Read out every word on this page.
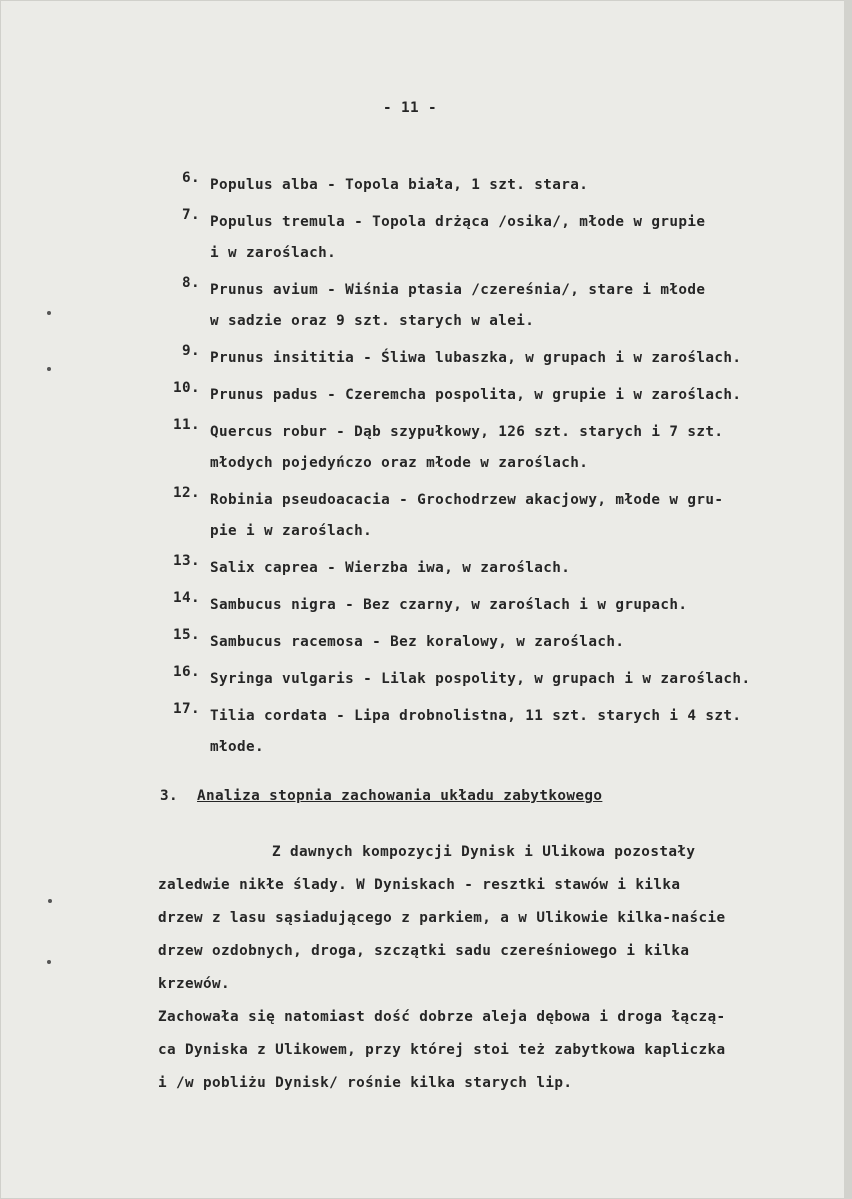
- 11 -
6. Populus alba - Topola biała, 1 szt. stara.
7. Populus tremula - Topola drżąca /osika/, młode w grupie
i w zaroślach.
8. Prunus avium - Wiśnia ptasia /czereśnia/, stare i młode
w sadzie oraz 9 szt. starych w alei.
9. Prunus insititia - Śliwa lubaszka, w grupach i w zaroślach.
10. Prunus padus - Czeremcha pospolita, w grupie i w zaroślach.
11. Quercus robur - Dąb szypułkowy, 126 szt. starych i 7 szt.
młodych pojedyńczo oraz młode w zaroślach.
12. Robinia pseudoacacia - Grochodrzew akacjowy, młode w gru-
pie i w zaroślach.
13. Salix caprea - Wierzba iwa, w zaroślach.
14. Sambucus nigra - Bez czarny, w zaroślach i w grupach.
15. Sambucus racemosa - Bez koralowy, w zaroślach.
16. Syringa vulgaris - Lilak pospolity, w grupach i w zaroślach.
17. Tilia cordata - Lipa drobnolistna, 11 szt. starych i 4 szt.
młode.
3. Analiza stopnia zachowania układu zabytkowego
Z dawnych kompozycji Dynisk i Ulikowa pozostały
zaledwie nikłe ślady. W Dyniskach - resztki stawów i kilka
drzew z lasu sąsiadującego z parkiem, a w Ulikowie kilka-naście
drzew ozdobnych, droga, szczątki sadu czereśniowego i kilka
krzewów.
Zachowała się natomiast dość dobrze aleja dębowa i droga łączą-
ca Dyniska z Ulikowem, przy której stoi też zabytkowa kapliczka
i /w pobliżu Dynisk/ rośnie kilka starych lip.
